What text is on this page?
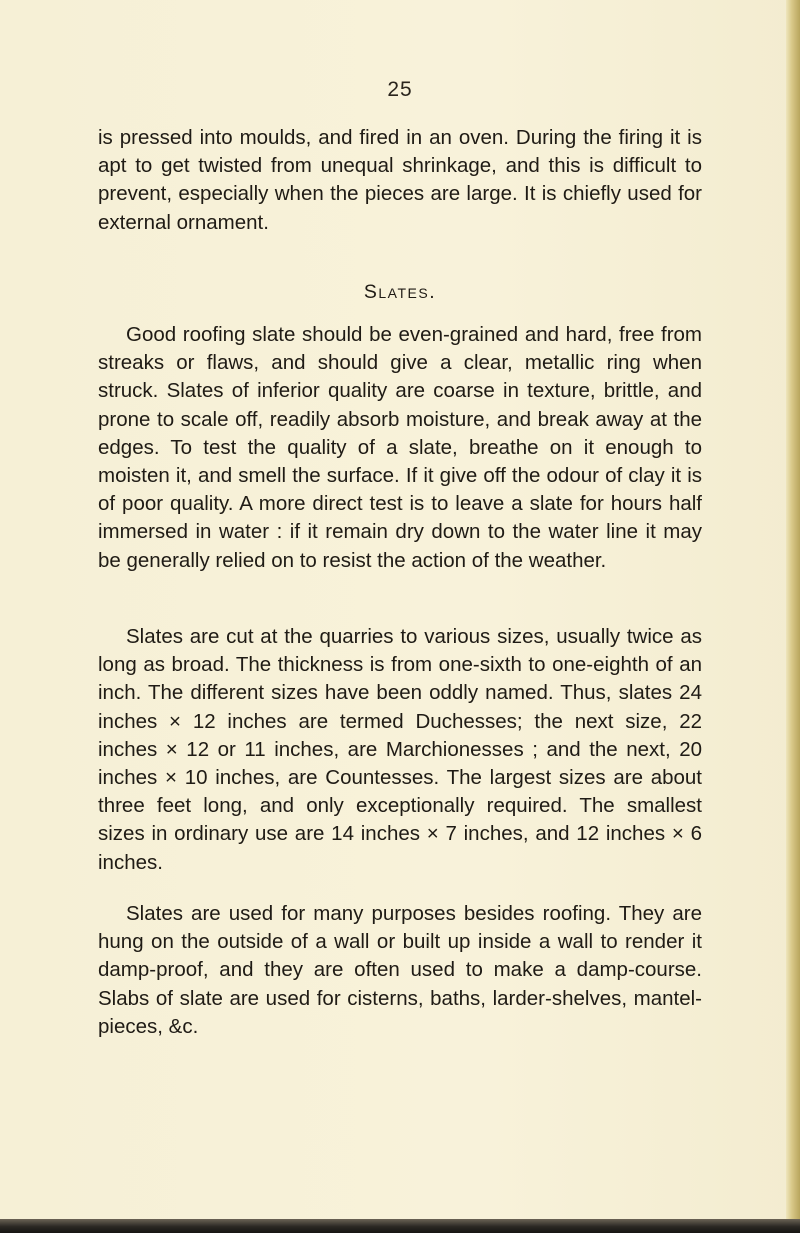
25

is pressed into moulds, and fired in an oven. During the firing it is apt to get twisted from unequal shrinkage, and this is difficult to prevent, especially when the pieces are large. It is chiefly used for external ornament.

Slates.

Good roofing slate should be even-grained and hard, free from streaks or flaws, and should give a clear, metallic ring when struck. Slates of inferior quality are coarse in texture, brittle, and prone to scale off, readily absorb moisture, and break away at the edges. To test the quality of a slate, breathe on it enough to moisten it, and smell the surface. If it give off the odour of clay it is of poor quality. A more direct test is to leave a slate for hours half immersed in water : if it remain dry down to the water line it may be generally relied on to resist the action of the weather.

Slates are cut at the quarries to various sizes, usually twice as long as broad. The thickness is from one-sixth to one-eighth of an inch. The different sizes have been oddly named. Thus, slates 24 inches × 12 inches are termed Duchesses; the next size, 22 inches × 12 or 11 inches, are Marchionesses ; and the next, 20 inches × 10 inches, are Countesses. The largest sizes are about three feet long, and only exceptionally required. The smallest sizes in ordinary use are 14 inches × 7 inches, and 12 inches × 6 inches.

Slates are used for many purposes besides roofing. They are hung on the outside of a wall or built up inside a wall to render it damp-proof, and they are often used to make a damp-course. Slabs of slate are used for cisterns, baths, larder-shelves, mantel-pieces, &c.
